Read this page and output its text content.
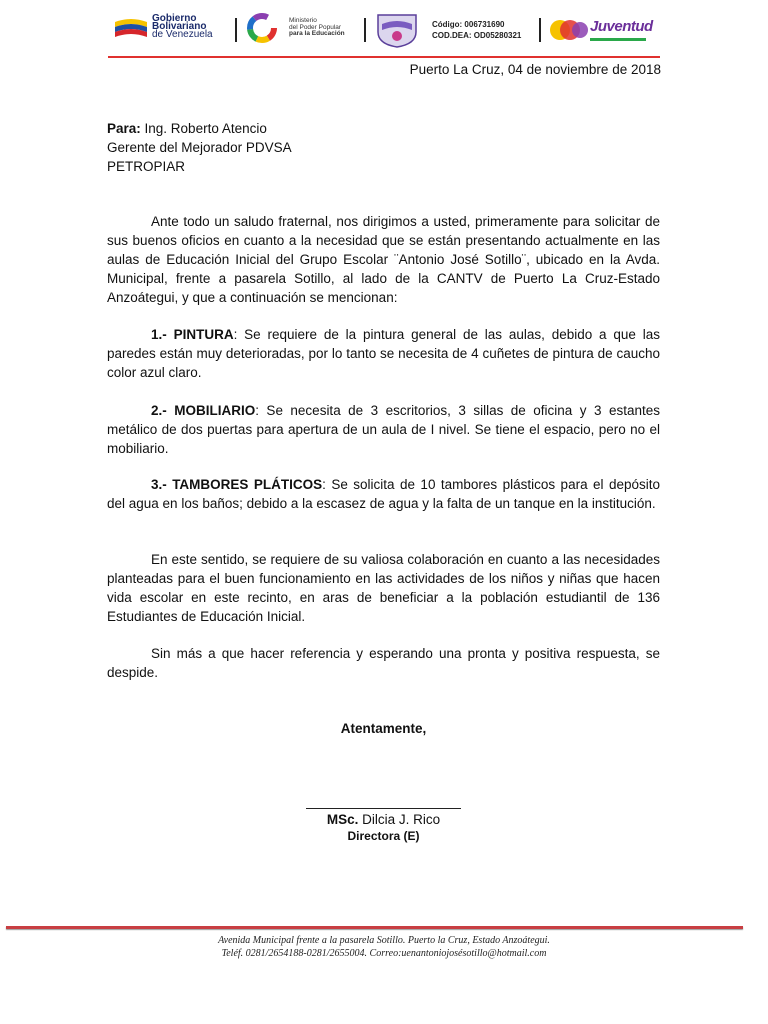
Gobierno
Bolivariano
de Venezuela
Ministerio
del Poder Popular
para la Educación
Código: 006731690
COD.DEA: OD05280321
Juventud
Puerto La Cruz, 04 de noviembre de 2018
Para: Ing. Roberto Atencio
Gerente del Mejorador PDVSA
PETROPIAR
Ante todo un saludo fraternal, nos dirigimos a usted, primeramente para solicitar de sus buenos oficios en cuanto a la necesidad que se están presentando actualmente en las aulas de Educación Inicial del Grupo Escolar ¨Antonio José Sotillo¨, ubicado en la Avda. Municipal, frente a pasarela Sotillo, al lado de la CANTV de Puerto La Cruz-Estado Anzoátegui, y que a continuación se mencionan:
1.- PINTURA: Se requiere de la pintura general de las aulas, debido a que las paredes están muy deterioradas, por lo tanto se necesita de 4 cuñetes de pintura de caucho color azul claro.
2.- MOBILIARIO: Se necesita de 3 escritorios, 3 sillas de oficina y 3 estantes metálico de dos puertas para apertura de un aula de I nivel. Se tiene el espacio, pero no el mobiliario.
3.- TAMBORES PLÁTICOS: Se solicita de 10 tambores plásticos para el depósito del agua en los baños; debido a la escasez de agua y la falta de un tanque en la institución.
En este sentido, se requiere de su valiosa colaboración en cuanto a las necesidades planteadas para el buen funcionamiento en las actividades de los niños y niñas que hacen vida escolar en este recinto, en aras de beneficiar a la población estudiantil de 136 Estudiantes de Educación Inicial.
Sin más a que hacer referencia y esperando una pronta y positiva respuesta, se despide.
Atentamente,
MSc. Dilcia J. Rico
Directora (E)
Avenida Municipal frente a la pasarela Sotillo. Puerto la Cruz, Estado Anzoátegui.
Teléf. 0281/2654188-0281/2655004. Correo:uenantoniojosésotillo@hotmail.com
